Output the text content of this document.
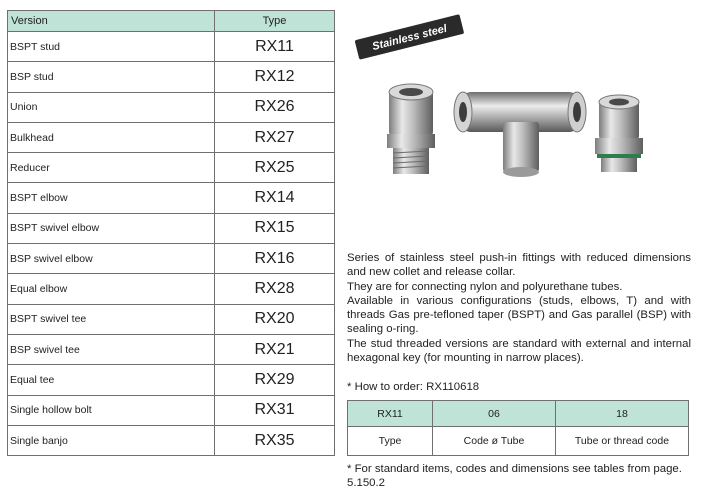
Version	Type
BSPT stud	RX11
BSP stud	RX12
Union	RX26
Bulkhead	RX27
Reducer	RX25
BSPT elbow	RX14
BSPT swivel elbow	RX15
BSP swivel elbow	RX16
Equal elbow	RX28
BSPT swivel tee	RX20
BSP swivel tee	RX21
Equal tee	RX29
Single hollow bolt	RX31
Single banjo	RX35
Stainless steel

Series of stainless steel push-in fittings with reduced dimensions and new collet and release collar.

They are for connecting nylon and polyurethane tubes.

Available in various configurations (studs, elbows, T) and with threads Gas pre-tefloned taper (BSPT) and Gas parallel (BSP) with sealing o-ring.

The stud threaded versions are standard with external and internal hexagonal key (for mounting in narrow places).

* How to order: RX110618

RX11	06	18
Type	Code ø Tube	Tube or thread code

* For standard items, codes and dimensions see tables from page. 5.150.2
